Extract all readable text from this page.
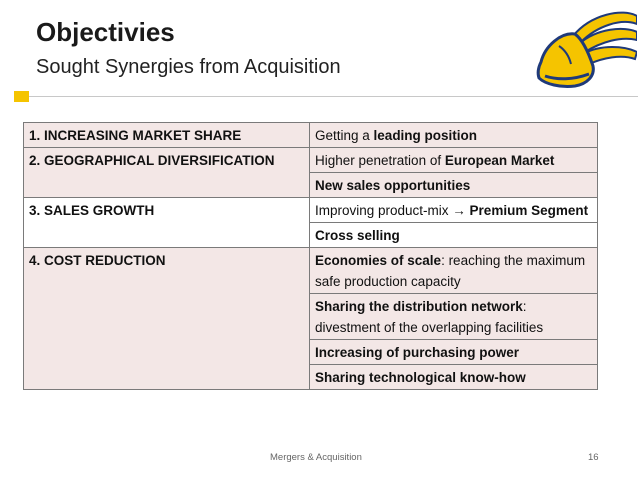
Objectivies
Sought Synergies from Acquisition
1. INCREASING MARKET SHARE	Getting a leading position
2. GEOGRAPHICAL DIVERSIFICATION	Higher penetration of European Market
	New sales opportunities
3. SALES GROWTH	Improving product-mix → Premium Segment
	Cross selling
4. COST REDUCTION	Economies of scale: reaching the maximum safe production capacity
	Sharing the distribution network: divestment of the overlapping facilities
	Increasing of purchasing power
	Sharing technological know-how
Mergers & Acquisition	16
